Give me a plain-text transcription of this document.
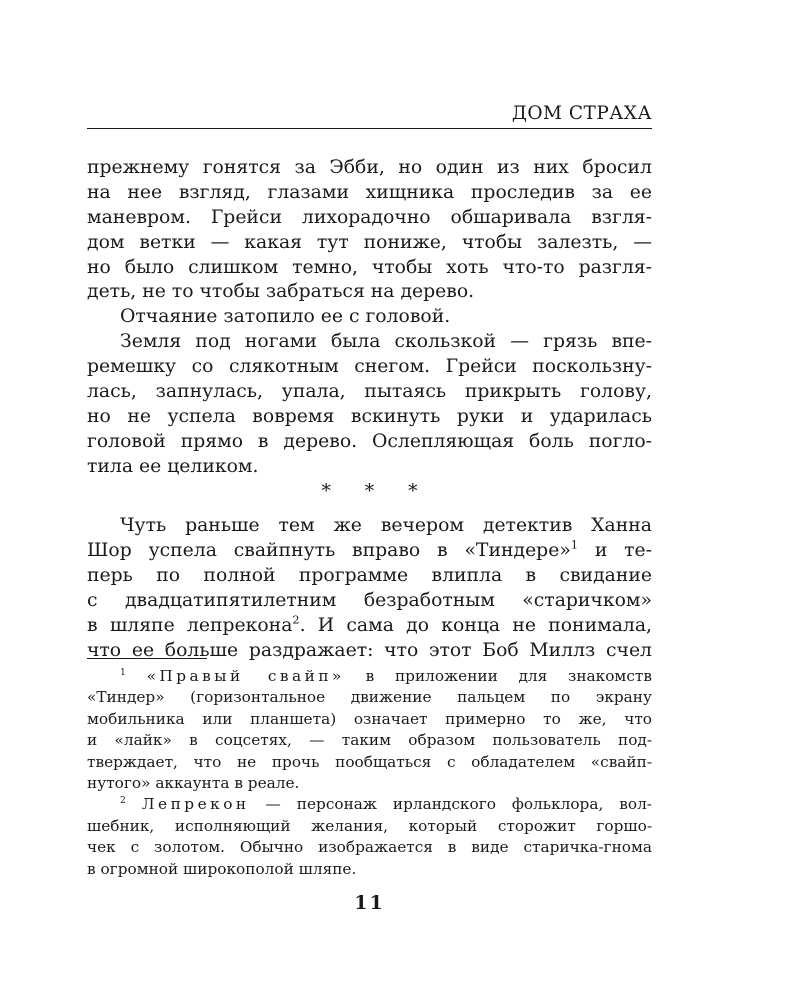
ДОМ СТРАХА
прежнему гонятся за Эбби, но один из них бросил
на нее взгляд, глазами хищника проследив за ее
маневром. Грейси лихорадочно обшаривала взгля-
дом ветки — какая тут пониже, чтобы залезть, —
но было слишком темно, чтобы хоть что-то разгля-
деть, не то чтобы забраться на дерево.
Отчаяние затопило ее с головой.
Земля под ногами была скользкой — грязь впе-
ремешку со слякотным снегом. Грейси поскользну-
лась, запнулась, упала, пытаясь прикрыть голову,
но не успела вовремя вскинуть руки и ударилась
головой прямо в дерево. Ослепляющая боль погло-
тила ее целиком.
* * *
Чуть раньше тем же вечером детектив Ханна
Шор успела свайпнуть вправо в «Тиндере»$^1$ и те-
перь по полной программе влипла в свидание
с двадцатипятилетним безработным «старичком»
в шляпе лепрекона$^2$. И сама до конца не понимала,
что ее больше раздражает: что этот Боб Миллз счел
$^1$ «Правый свайп» в приложении для знакомств
«Тиндер» (горизонтальное движение пальцем по экрану
мобильника или планшета) означает примерно то же, что
и «лайк» в соцсетях, — таким образом пользователь под-
тверждает, что не прочь пообщаться с обладателем «свайп-
нутого» аккаунта в реале.
$^2$ Лепрекон — персонаж ирландского фольклора, вол-
шебник, исполняющий желания, который сторожит горшо-
чек с золотом. Обычно изображается в виде старичка-гнома
в огромной широкополой шляпе.
11
